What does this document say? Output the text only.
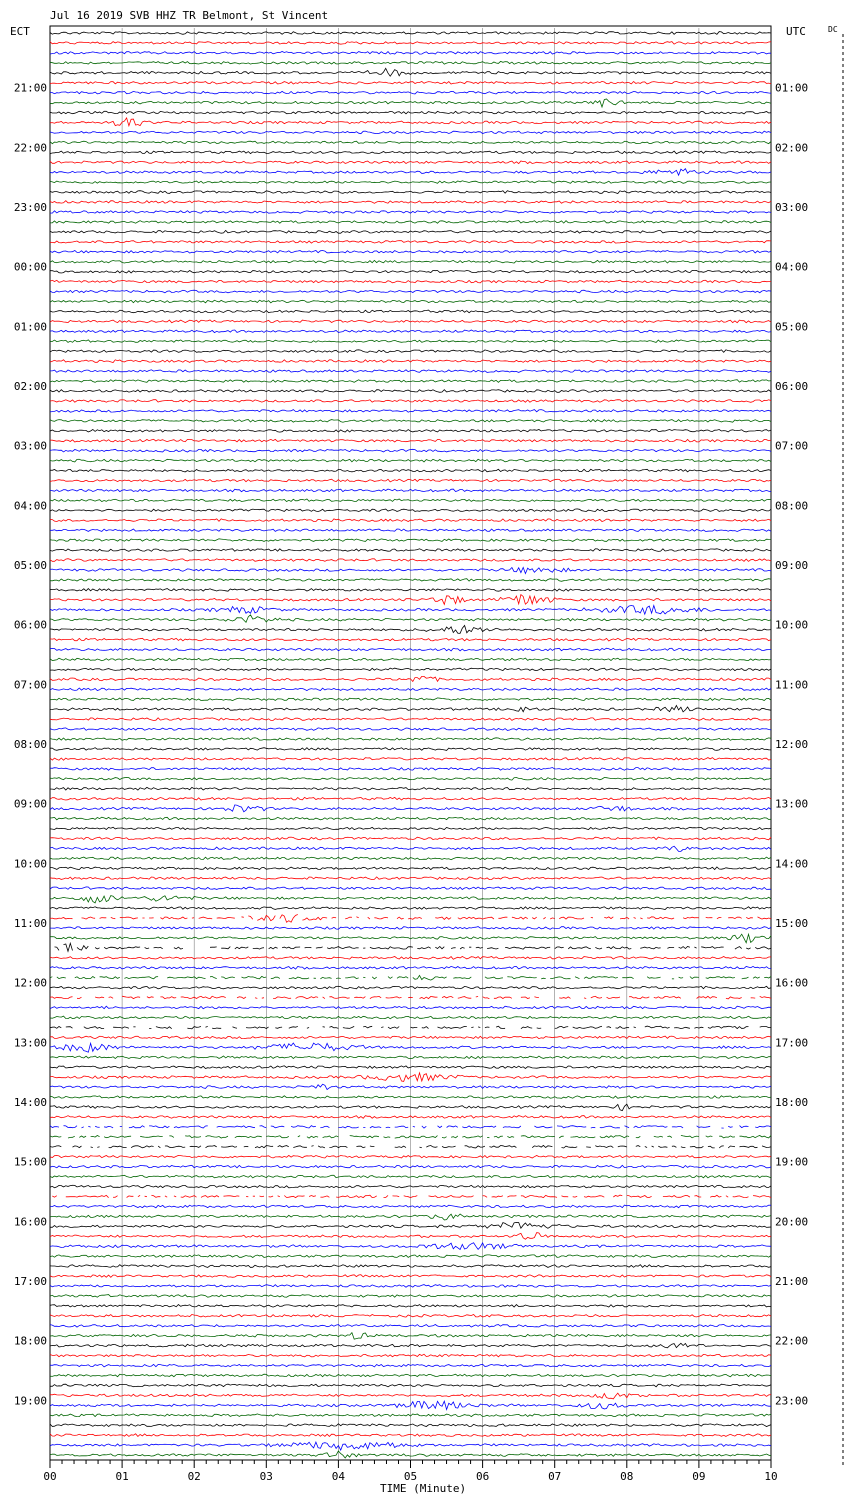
Jul 16 2019 SVB HHZ TR Belmont, St Vincent
ECT	UTC	DC
21:00
22:00
23:00
00:00
01:00
02:00
03:00
04:00
05:00
06:00
07:00
08:00
09:00
10:00
11:00
12:00
13:00
14:00
15:00
16:00
17:00
18:00
19:00
01:00
02:00
03:00
04:00
05:00
06:00
07:00
08:00
09:00
10:00
11:00
12:00
13:00
14:00
15:00
16:00
17:00
18:00
19:00
20:00
21:00
22:00
23:00
00	01	02	03	04	05	06	07	08	09	10
TIME (Minute)
